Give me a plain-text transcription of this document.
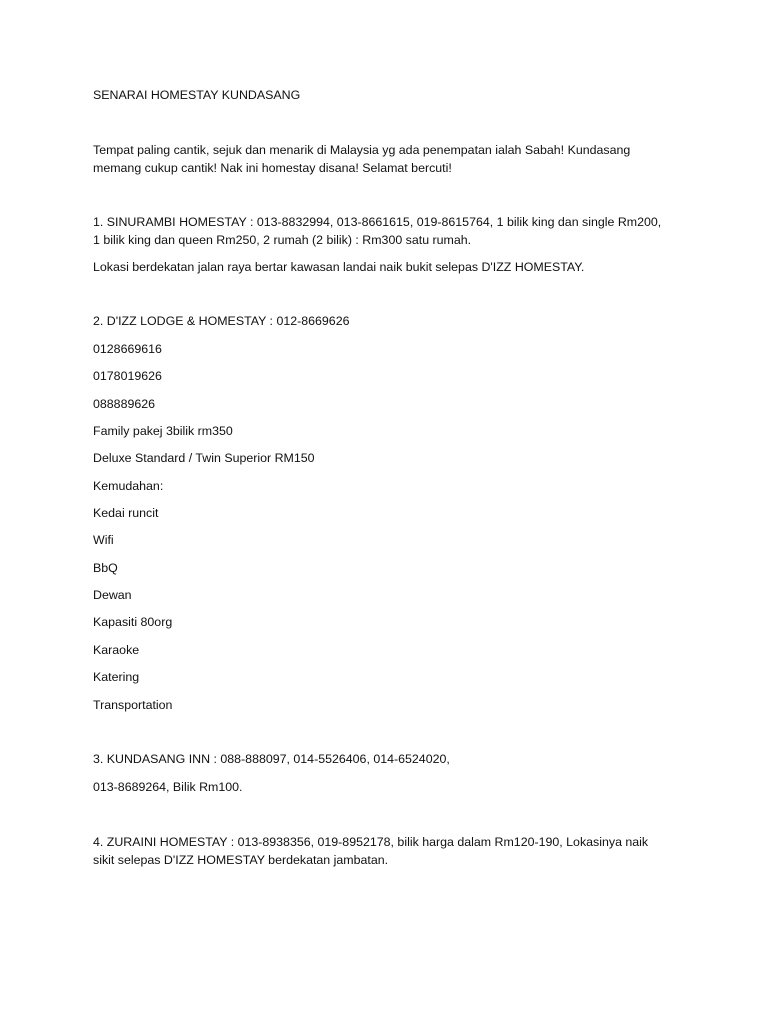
SENARAI HOMESTAY KUNDASANG

Tempat paling cantik, sejuk dan menarik di Malaysia yg ada penempatan ialah Sabah! Kundasang

memang cukup cantik! Nak ini homestay disana! Selamat bercuti!

1. SINURAMBI HOMESTAY : 013-8832994, 013-8661615, 019-8615764, 1 bilik king dan single Rm200,

1 bilik king dan queen Rm250, 2 rumah (2 bilik) : Rm300 satu rumah.

Lokasi berdekatan jalan raya bertar kawasan landai naik bukit selepas D'IZZ HOMESTAY.

2. D'IZZ LODGE & HOMESTAY : 012-8669626

0128669616

0178019626

088889626

Family pakej 3bilik rm350

Deluxe Standard / Twin Superior RM150

Kemudahan:

Kedai runcit

Wifi

BbQ

Dewan

Kapasiti 80org

Karaoke

Katering

Transportation

3. KUNDASANG INN : 088-888097, 014-5526406, 014-6524020,

013-8689264, Bilik Rm100.

4. ZURAINI HOMESTAY : 013-8938356, 019-8952178, bilik harga dalam Rm120-190, Lokasinya naik

sikit selepas D'IZZ HOMESTAY berdekatan jambatan.
